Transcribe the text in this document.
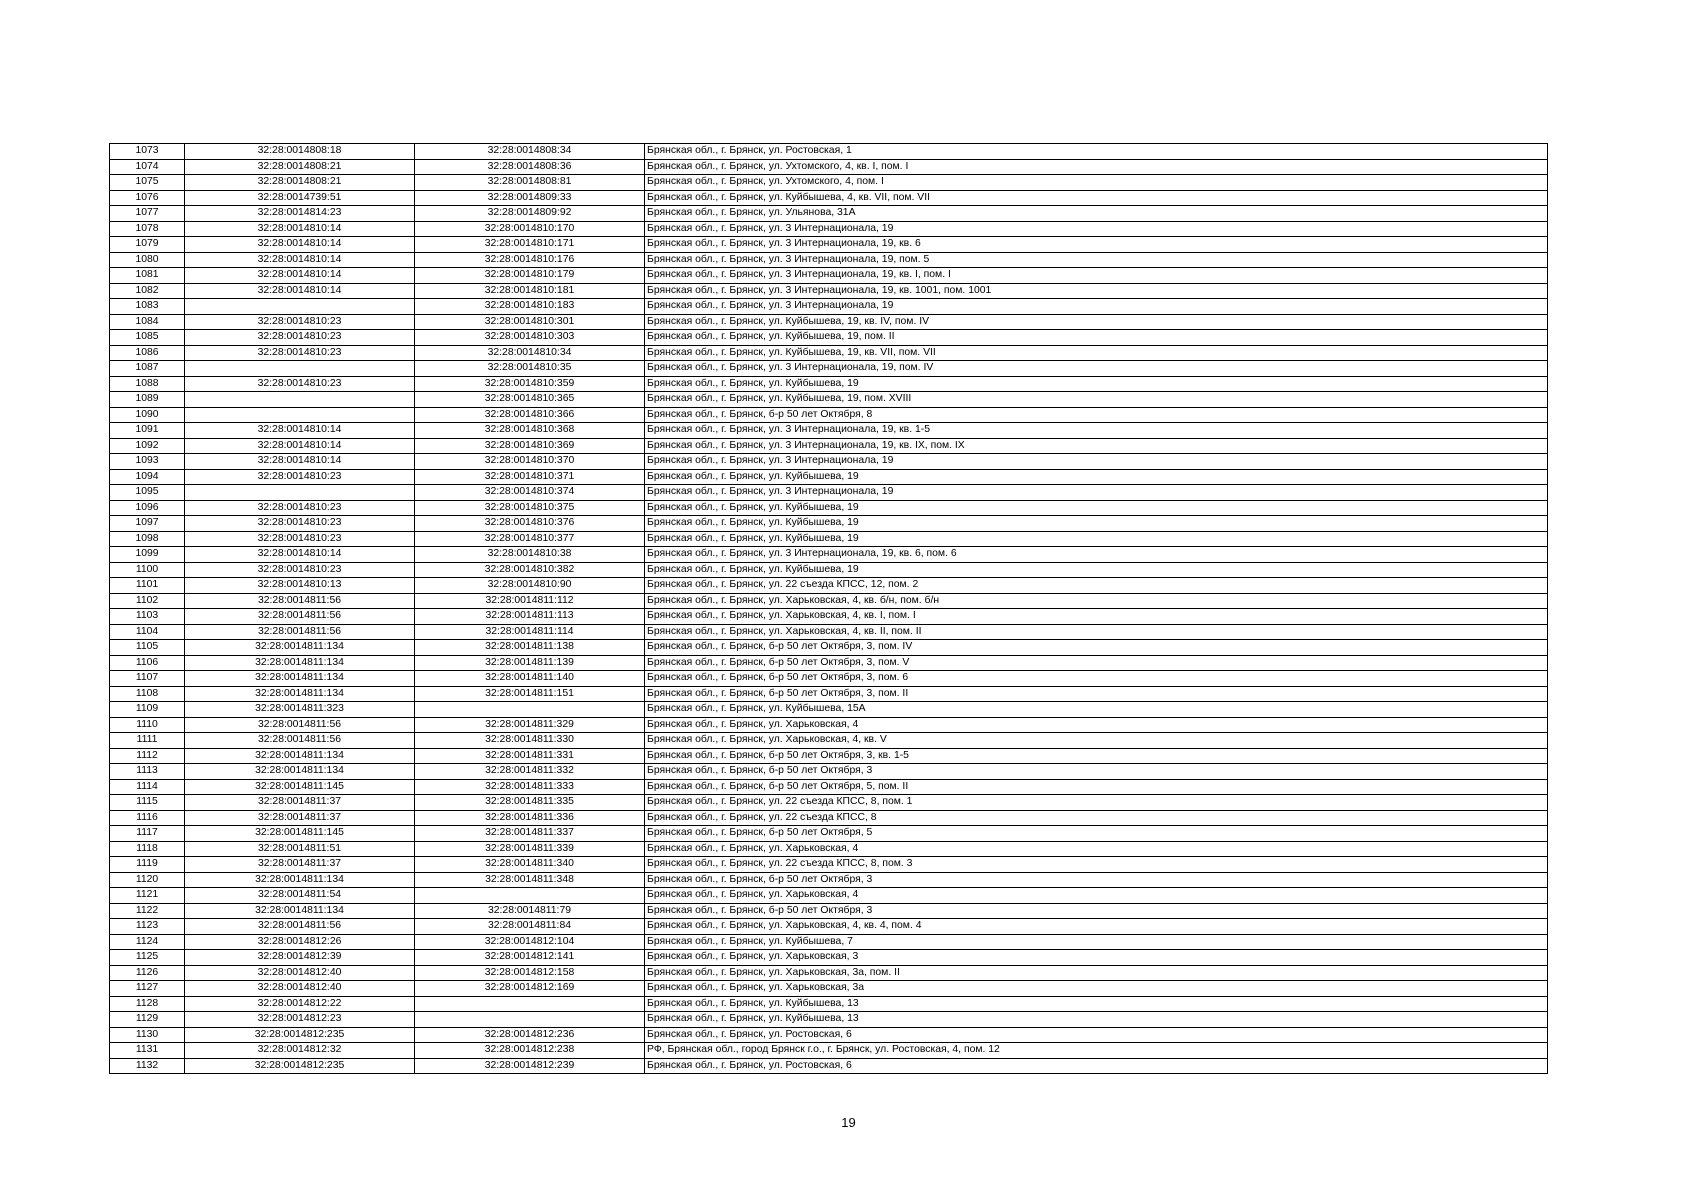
1073	32:28:0014808:18	32:28:0014808:34	Брянская обл., г. Брянск, ул. Ростовская, 1
1074	32:28:0014808:21	32:28:0014808:36	Брянская обл., г. Брянск, ул. Ухтомского, 4, кв. I, пом. I
1075	32:28:0014808:21	32:28:0014808:81	Брянская обл., г. Брянск, ул. Ухтомского, 4, пом. I
1076	32:28:0014739:51	32:28:0014809:33	Брянская обл., г. Брянск, ул. Куйбышева, 4, кв. VII, пом. VII
1077	32:28:0014814:23	32:28:0014809:92	Брянская обл., г. Брянск, ул. Ульянова, 31А
1078	32:28:0014810:14	32:28:0014810:170	Брянская обл., г. Брянск, ул. 3 Интернационала, 19
1079	32:28:0014810:14	32:28:0014810:171	Брянская обл., г. Брянск, ул. 3 Интернационала, 19, кв. 6
1080	32:28:0014810:14	32:28:0014810:176	Брянская обл., г. Брянск, ул. 3 Интернационала, 19, пом. 5
1081	32:28:0014810:14	32:28:0014810:179	Брянская обл., г. Брянск, ул. 3 Интернационала, 19, кв. I, пом. I
1082	32:28:0014810:14	32:28:0014810:181	Брянская обл., г. Брянск, ул. 3 Интернационала, 19, кв. 1001, пом. 1001
1083		32:28:0014810:183	Брянская обл., г. Брянск, ул. 3 Интернационала, 19
1084	32:28:0014810:23	32:28:0014810:301	Брянская обл., г. Брянск, ул. Куйбышева, 19, кв. IV, пом. IV
1085	32:28:0014810:23	32:28:0014810:303	Брянская обл., г. Брянск, ул. Куйбышева, 19, пом. II
1086	32:28:0014810:23	32:28:0014810:34	Брянская обл., г. Брянск, ул. Куйбышева, 19, кв. VII, пом. VII
1087		32:28:0014810:35	Брянская обл., г. Брянск, ул. 3 Интернационала, 19, пом. IV
1088	32:28:0014810:23	32:28:0014810:359	Брянская обл., г. Брянск, ул. Куйбышева, 19
1089		32:28:0014810:365	Брянская обл., г. Брянск, ул. Куйбышева, 19, пом. XVIII
1090		32:28:0014810:366	Брянская обл., г. Брянск, б-р 50 лет Октября, 8
1091	32:28:0014810:14	32:28:0014810:368	Брянская обл., г. Брянск, ул. 3 Интернационала, 19, кв. 1-5
1092	32:28:0014810:14	32:28:0014810:369	Брянская обл., г. Брянск, ул. 3 Интернационала, 19, кв. IX, пом. IX
1093	32:28:0014810:14	32:28:0014810:370	Брянская обл., г. Брянск, ул. 3 Интернационала, 19
1094	32:28:0014810:23	32:28:0014810:371	Брянская обл., г. Брянск, ул. Куйбышева, 19
1095		32:28:0014810:374	Брянская обл., г. Брянск, ул. 3 Интернационала, 19
1096	32:28:0014810:23	32:28:0014810:375	Брянская обл., г. Брянск, ул. Куйбышева, 19
1097	32:28:0014810:23	32:28:0014810:376	Брянская обл., г. Брянск, ул. Куйбышева, 19
1098	32:28:0014810:23	32:28:0014810:377	Брянская обл., г. Брянск, ул. Куйбышева, 19
1099	32:28:0014810:14	32:28:0014810:38	Брянская обл., г. Брянск, ул. 3 Интернационала, 19, кв. 6, пом. 6
1100	32:28:0014810:23	32:28:0014810:382	Брянская обл., г. Брянск, ул. Куйбышева, 19
1101	32:28:0014810:13	32:28:0014810:90	Брянская обл., г. Брянск, ул. 22 съезда КПСС, 12, пом. 2
1102	32:28:0014811:56	32:28:0014811:112	Брянская обл., г. Брянск, ул. Харьковская, 4, кв. б/н, пом. б/н
1103	32:28:0014811:56	32:28:0014811:113	Брянская обл., г. Брянск, ул. Харьковская, 4, кв. I, пом. I
1104	32:28:0014811:56	32:28:0014811:114	Брянская обл., г. Брянск, ул. Харьковская, 4, кв. II, пом. II
1105	32:28:0014811:134	32:28:0014811:138	Брянская обл., г. Брянск, б-р 50 лет Октября, 3, пом. IV
1106	32:28:0014811:134	32:28:0014811:139	Брянская обл., г. Брянск, б-р 50 лет Октября, 3, пом. V
1107	32:28:0014811:134	32:28:0014811:140	Брянская обл., г. Брянск, б-р 50 лет Октября, 3, пом. 6
1108	32:28:0014811:134	32:28:0014811:151	Брянская обл., г. Брянск, б-р 50 лет Октября, 3, пом. II
1109	32:28:0014811:323		Брянская обл., г. Брянск, ул. Куйбышева, 15А
1110	32:28:0014811:56	32:28:0014811:329	Брянская обл., г. Брянск, ул. Харьковская, 4
1111	32:28:0014811:56	32:28:0014811:330	Брянская обл., г. Брянск, ул. Харьковская, 4, кв. V
1112	32:28:0014811:134	32:28:0014811:331	Брянская обл., г. Брянск, б-р 50 лет Октября, 3, кв. 1-5
1113	32:28:0014811:134	32:28:0014811:332	Брянская обл., г. Брянск, б-р 50 лет Октября, 3
1114	32:28:0014811:145	32:28:0014811:333	Брянская обл., г. Брянск, б-р 50 лет Октября, 5, пом. II
1115	32:28:0014811:37	32:28:0014811:335	Брянская обл., г. Брянск, ул. 22 съезда КПСС, 8, пом. 1
1116	32:28:0014811:37	32:28:0014811:336	Брянская обл., г. Брянск, ул. 22 съезда КПСС, 8
1117	32:28:0014811:145	32:28:0014811:337	Брянская обл., г. Брянск, б-р 50 лет Октября, 5
1118	32:28:0014811:51	32:28:0014811:339	Брянская обл., г. Брянск, ул. Харьковская, 4
1119	32:28:0014811:37	32:28:0014811:340	Брянская обл., г. Брянск, ул. 22 съезда КПСС, 8, пом. 3
1120	32:28:0014811:134	32:28:0014811:348	Брянская обл., г. Брянск, б-р 50 лет Октября, 3
1121	32:28:0014811:54		Брянская обл., г. Брянск, ул. Харьковская, 4
1122	32:28:0014811:134	32:28:0014811:79	Брянская обл., г. Брянск, б-р 50 лет Октября, 3
1123	32:28:0014811:56	32:28:0014811:84	Брянская обл., г. Брянск, ул. Харьковская, 4, кв. 4, пом. 4
1124	32:28:0014812:26	32:28:0014812:104	Брянская обл., г. Брянск, ул. Куйбышева, 7
1125	32:28:0014812:39	32:28:0014812:141	Брянская обл., г. Брянск, ул. Харьковская, 3
1126	32:28:0014812:40	32:28:0014812:158	Брянская обл., г. Брянск, ул. Харьковская, 3а, пом. II
1127	32:28:0014812:40	32:28:0014812:169	Брянская обл., г. Брянск, ул. Харьковская, 3а
1128	32:28:0014812:22		Брянская обл., г. Брянск, ул. Куйбышева, 13
1129	32:28:0014812:23		Брянская обл., г. Брянск, ул. Куйбышева, 13
1130	32:28:0014812:235	32:28:0014812:236	Брянская обл., г. Брянск, ул. Ростовская, 6
1131	32:28:0014812:32	32:28:0014812:238	РФ, Брянская обл., город Брянск г.о., г. Брянск, ул. Ростовская, 4, пом. 12
1132	32:28:0014812:235	32:28:0014812:239	Брянская обл., г. Брянск, ул. Ростовская, 6
19
